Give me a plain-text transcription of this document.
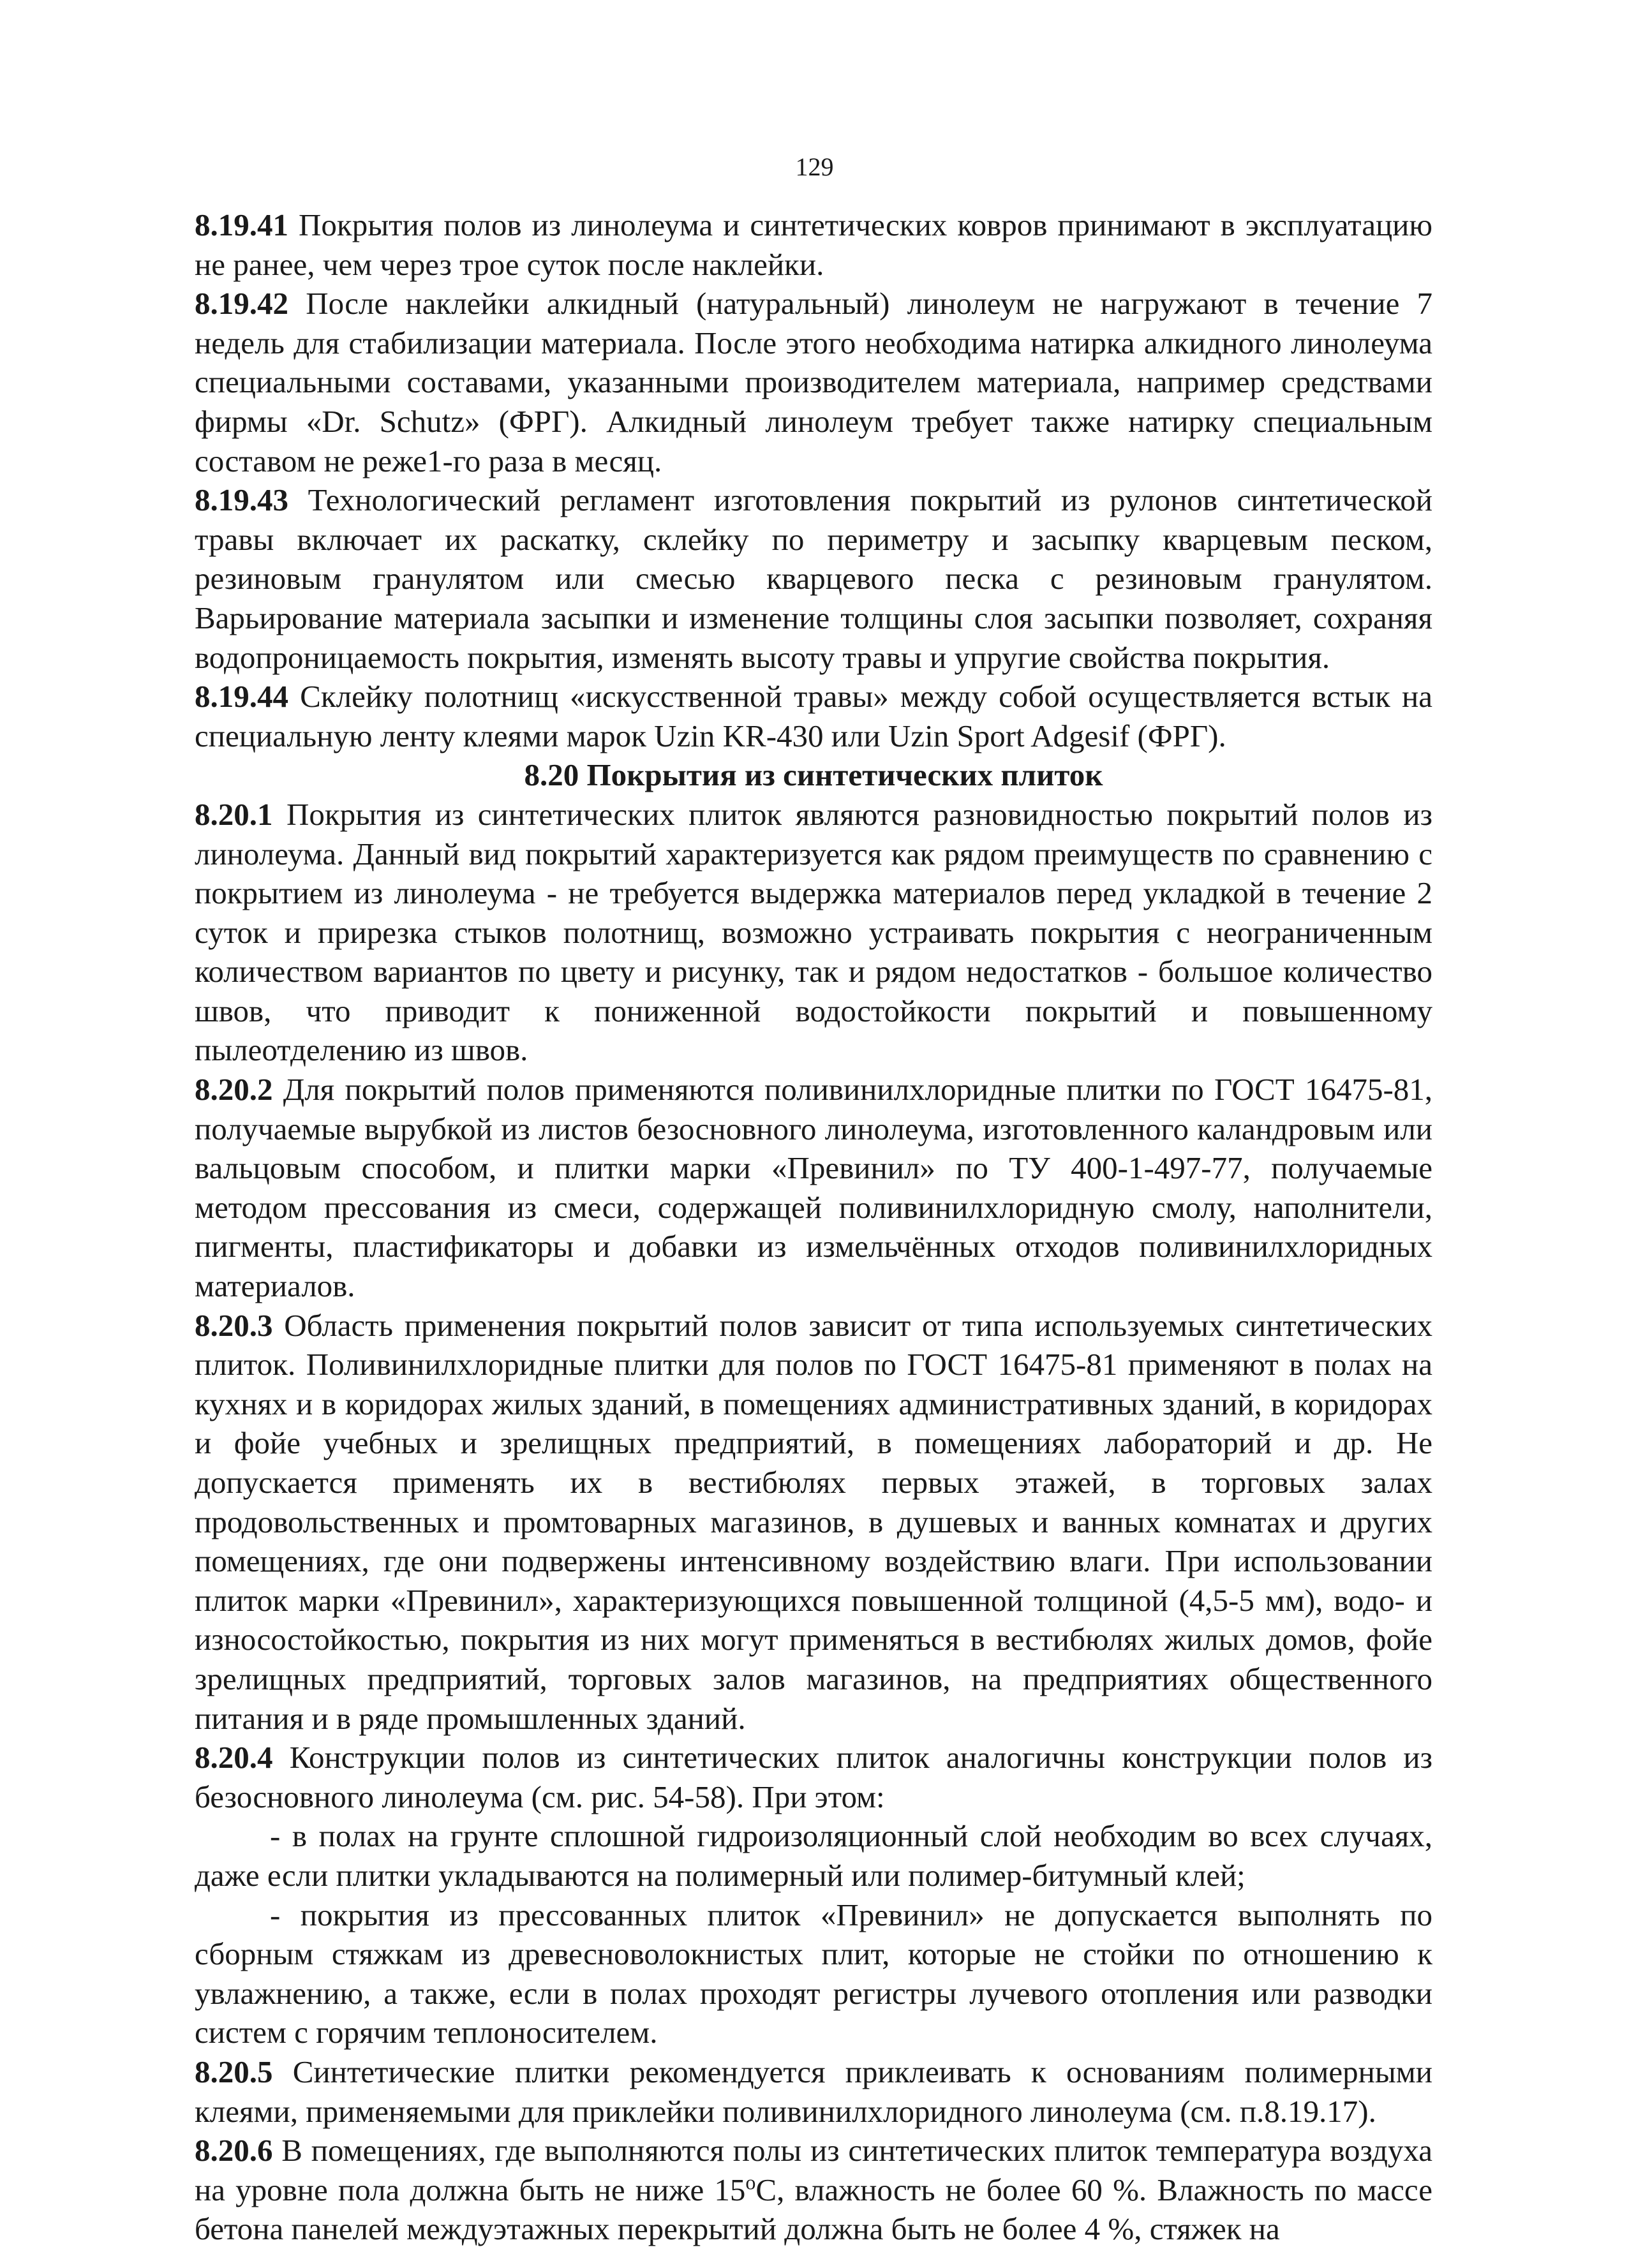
129

8.19.41 Покрытия полов из линолеума и синтетических ковров принимают в эксплуатацию не ранее, чем через трое суток после наклейки.

8.19.42 После наклейки алкидный (натуральный) линолеум не нагружают в течение 7 недель для стабилизации материала. После этого необходима натирка алкидного линолеума специальными составами, указанными производителем материала, например средствами фирмы «Dr. Schutz» (ФРГ). Алкидный линолеум требует также натирку специальным составом не реже1-го раза в месяц.

8.19.43 Технологический регламент изготовления покрытий из рулонов синтетической травы включает их раскатку, склейку по периметру и засыпку кварцевым песком, резиновым гранулятом или смесью кварцевого песка с резиновым гранулятом. Варьирование материала засыпки и изменение толщины слоя засыпки позволяет, сохраняя водопроницаемость покрытия, изменять высоту травы и упругие свойства покрытия.

8.19.44 Склейку полотнищ «искусственной травы» между собой осуществляется встык на специальную ленту клеями марок Uzin KR-430 или Uzin Sport Adgesif (ФРГ).

8.20 Покрытия из синтетических плиток

8.20.1 Покрытия из синтетических плиток являются разновидностью покрытий полов из линолеума. Данный вид покрытий характеризуется как рядом преимуществ по сравнению с покрытием из линолеума - не требуется выдержка материалов перед укладкой в течение 2 суток и прирезка стыков полотнищ, возможно устраивать покрытия с неограниченным количеством вариантов по цвету и рисунку, так и рядом недостатков - большое количество швов, что приводит к пониженной водостойкости покрытий и повышенному пылеотделению из швов.

8.20.2 Для покрытий полов применяются поливинилхлоридные плитки по ГОСТ 16475-81, получаемые вырубкой из листов безосновного линолеума, изготовленного каландровым или вальцовым способом, и плитки марки «Превинил» по ТУ 400-1-497-77, получаемые методом прессования из смеси, содержащей поливинилхлоридную смолу, наполнители, пигменты, пластификаторы и добавки из измельчённых отходов поливинилхлоридных материалов.

8.20.3 Область применения покрытий полов зависит от типа используемых синтетических плиток. Поливинилхлоридные плитки для полов по ГОСТ 16475-81 применяют в полах на кухнях и в коридорах жилых зданий, в помещениях административных зданий, в коридорах и фойе учебных и зрелищных предприятий, в помещениях лабораторий и др. Не допускается применять их в вестибюлях первых этажей, в торговых залах продовольственных и промтоварных магазинов, в душевых и ванных комнатах и других помещениях, где они подвержены интенсивному воздействию влаги. При использовании плиток марки «Превинил», характеризующихся повышенной толщиной (4,5-5 мм), водо- и износостойкостью, покрытия из них могут применяться в вестибюлях жилых домов, фойе зрелищных предприятий, торговых залов магазинов, на предприятиях общественного питания и в ряде промышленных зданий.

8.20.4 Конструкции полов из синтетических плиток аналогичны конструкции полов из безосновного линолеума (см. рис. 54-58). При этом:

- в полах на грунте сплошной гидроизоляционный слой необходим во всех случаях, даже если плитки укладываются на полимерный или полимер-битумный клей;

- покрытия из прессованных плиток «Превинил» не допускается выполнять по сборным стяжкам из древесноволокнистых плит, которые не стойки по отношению к увлажнению, а также, если в полах проходят регистры лучевого отопления или разводки систем с горячим теплоносителем.

8.20.5 Синтетические плитки рекомендуется приклеивать к основаниям полимерными клеями, применяемыми для приклейки поливинилхлоридного линолеума (см. п.8.19.17).

8.20.6 В помещениях, где выполняются полы из синтетических плиток температура воздуха на уровне пола должна быть не ниже $15^оС$, влажность не более 60 %. Влажность по массе бетона панелей междуэтажных перекрытий должна быть не более 4 %, стяжек на
